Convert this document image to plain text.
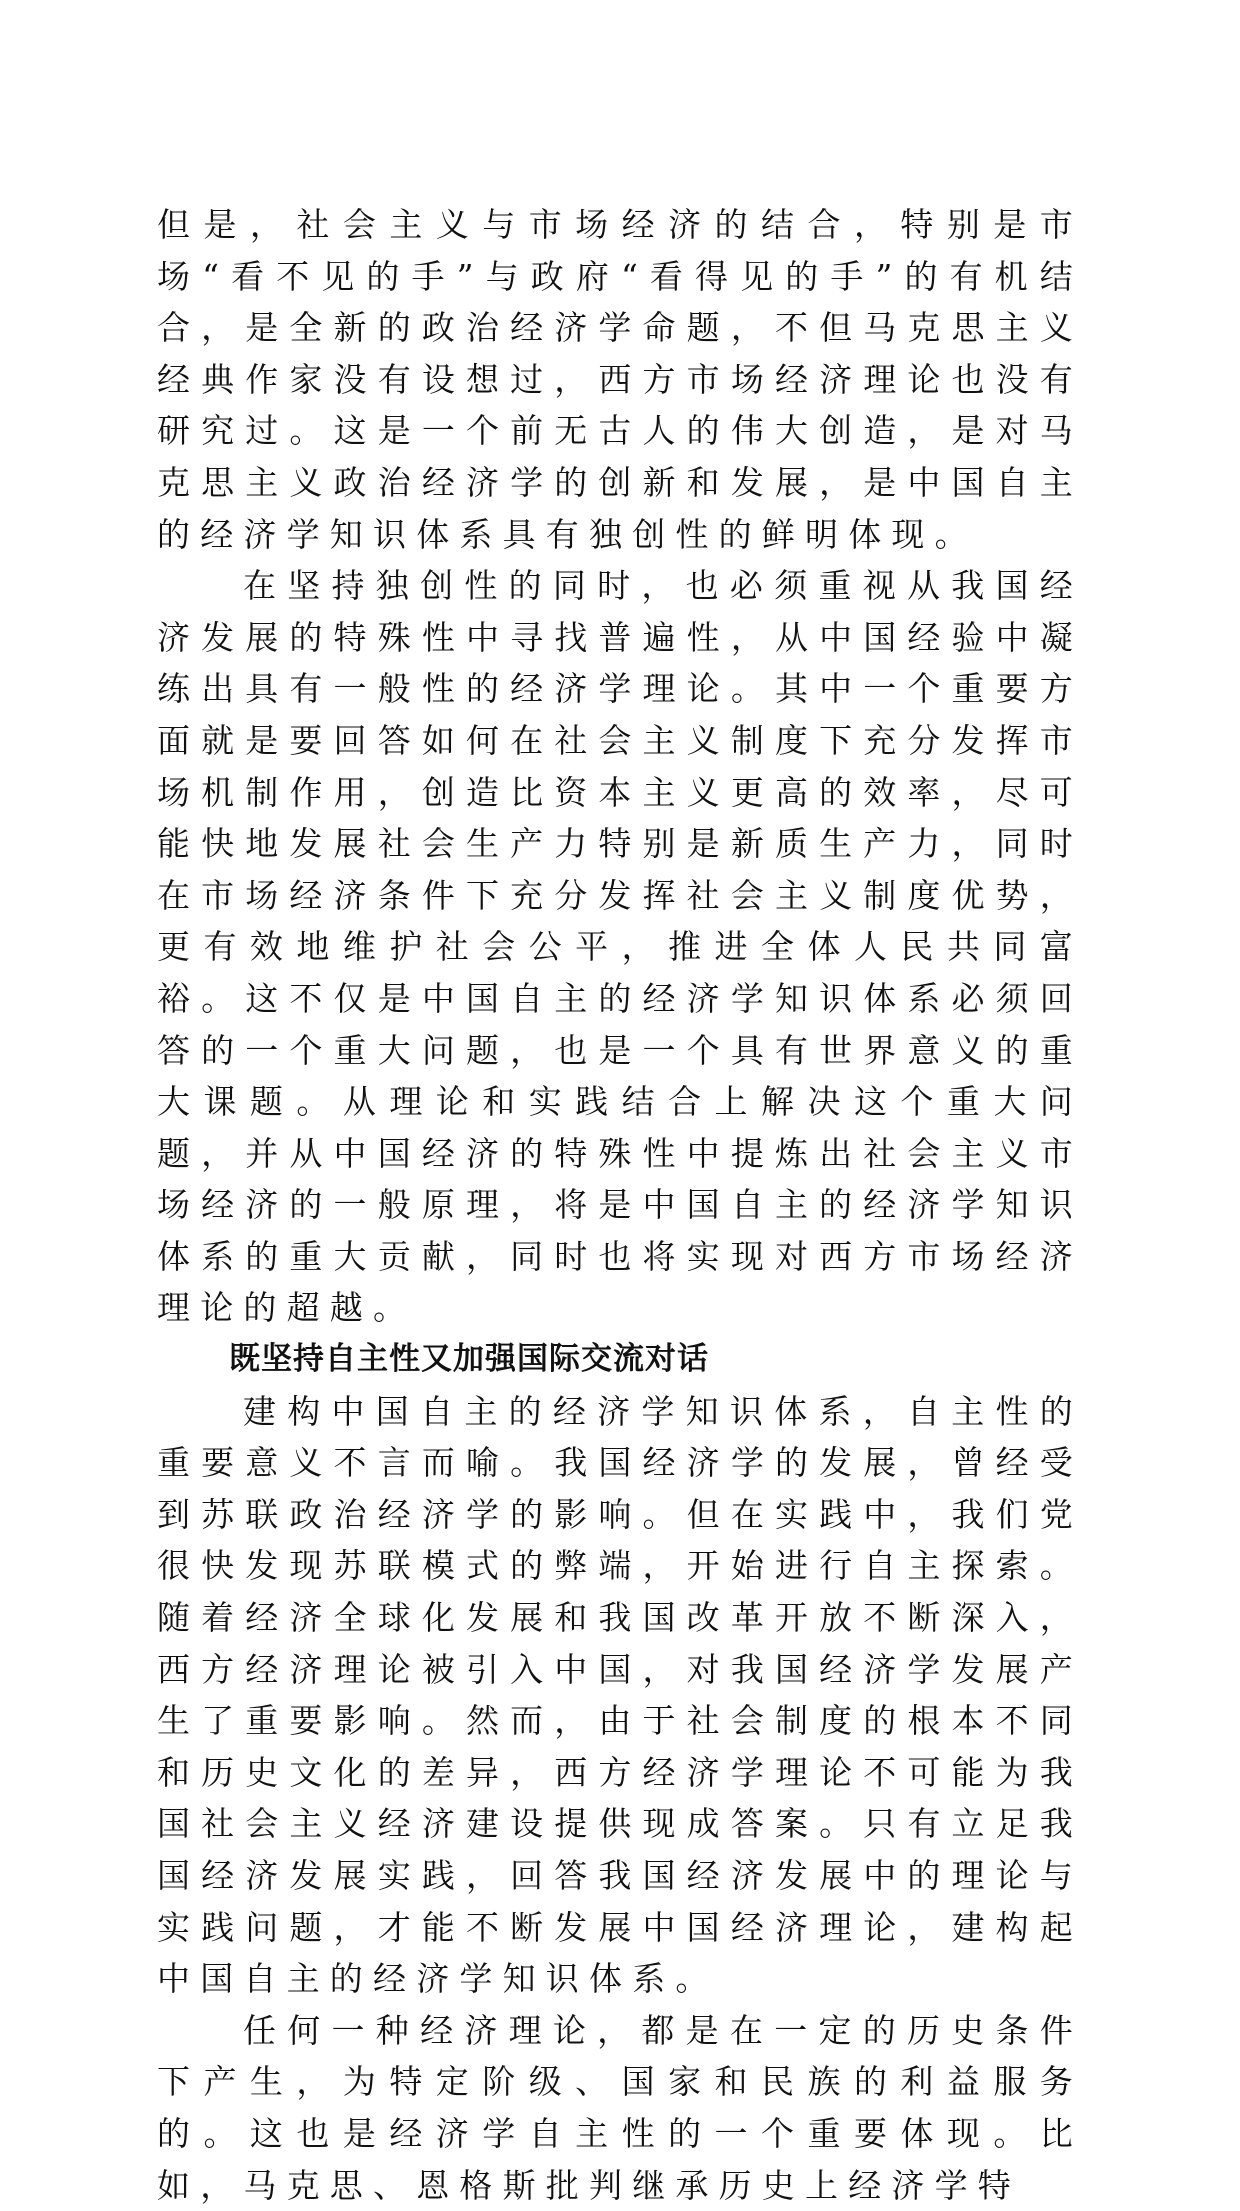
但是，社会主义与市场经济的结合，特别是市场“看不见的手”与政府“看得见的手”的有机结合，是全新的政治经济学命题，不但马克思主义经典作家没有设想过，西方市场经济理论也没有研究过。这是一个前无古人的伟大创造，是对马克思主义政治经济学的创新和发展，是中国自主的经济学知识体系具有独创性的鲜明体现。

在坚持独创性的同时，也必须重视从我国经济发展的特殊性中寻找普遍性，从中国经验中凝练出具有一般性的经济学理论。其中一个重要方面就是要回答如何在社会主义制度下充分发挥市场机制作用，创造比资本主义更高的效率，尽可能快地发展社会生产力特别是新质生产力，同时在市场经济条件下充分发挥社会主义制度优势，更有效地维护社会公平，推进全体人民共同富裕。这不仅是中国自主的经济学知识体系必须回答的一个重大问题，也是一个具有世界意义的重大课题。从理论和实践结合上解决这个重大问题，并从中国经济的特殊性中提炼出社会主义市场经济的一般原理，将是中国自主的经济学知识体系的重大贡献，同时也将实现对西方市场经济理论的超越。

既坚持自主性又加强国际交流对话

建构中国自主的经济学知识体系，自主性的重要意义不言而喻。我国经济学的发展，曾经受到苏联政治经济学的影响。但在实践中，我们党很快发现苏联模式的弊端，开始进行自主探索。随着经济全球化发展和我国改革开放不断深入，西方经济理论被引入中国，对我国经济学发展产生了重要影响。然而，由于社会制度的根本不同和历史文化的差异，西方经济学理论不可能为我国社会主义经济建设提供现成答案。只有立足我国经济发展实践，回答我国经济发展中的理论与实践问题，才能不断发展中国经济理论，建构起中国自主的经济学知识体系。

任何一种经济理论，都是在一定的历史条件下产生，为特定阶级、国家和民族的利益服务的。这也是经济学自主性的一个重要体现。比如，马克思、恩格斯批判继承历史上经济学特
